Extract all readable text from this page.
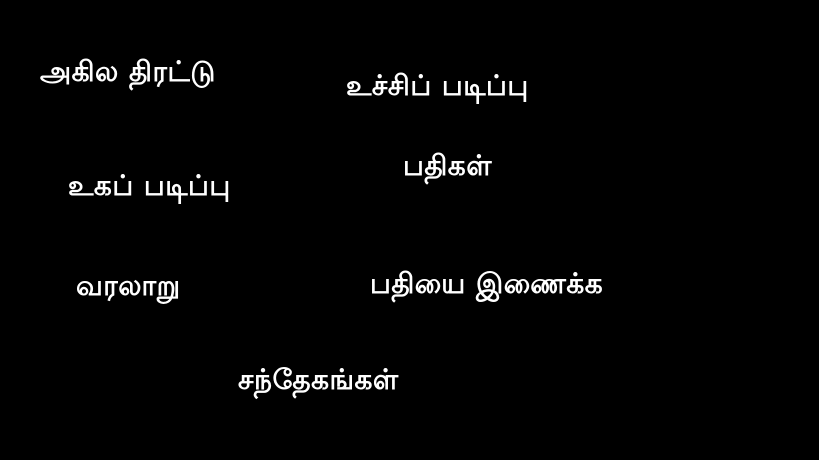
அகில திரட்டு	உச்சிப் படிப்பு
பதிகள்
உகப் படிப்பு
வரலாறு	பதியை இணைக்க
சந்தேகங்கள்
